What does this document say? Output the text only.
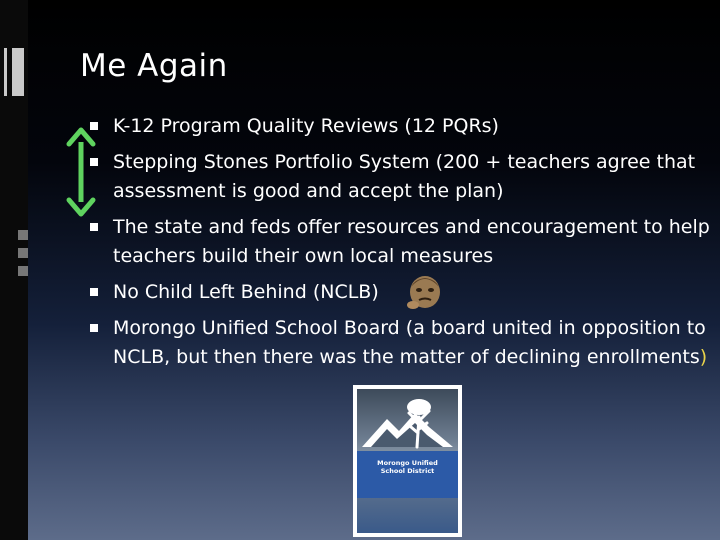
Me Again
K-12 Program Quality Reviews (12 PQRs)
Stepping Stones Portfolio System (200 + teachers agree that assessment is good and accept the plan)
The state and feds offer resources and encouragement to help teachers build their own local measures
No Child Left Behind (NCLB)
Morongo Unified School Board (a board united in opposition to NCLB, but then there was the matter of declining enrollments)
Morongo Unified
School District
